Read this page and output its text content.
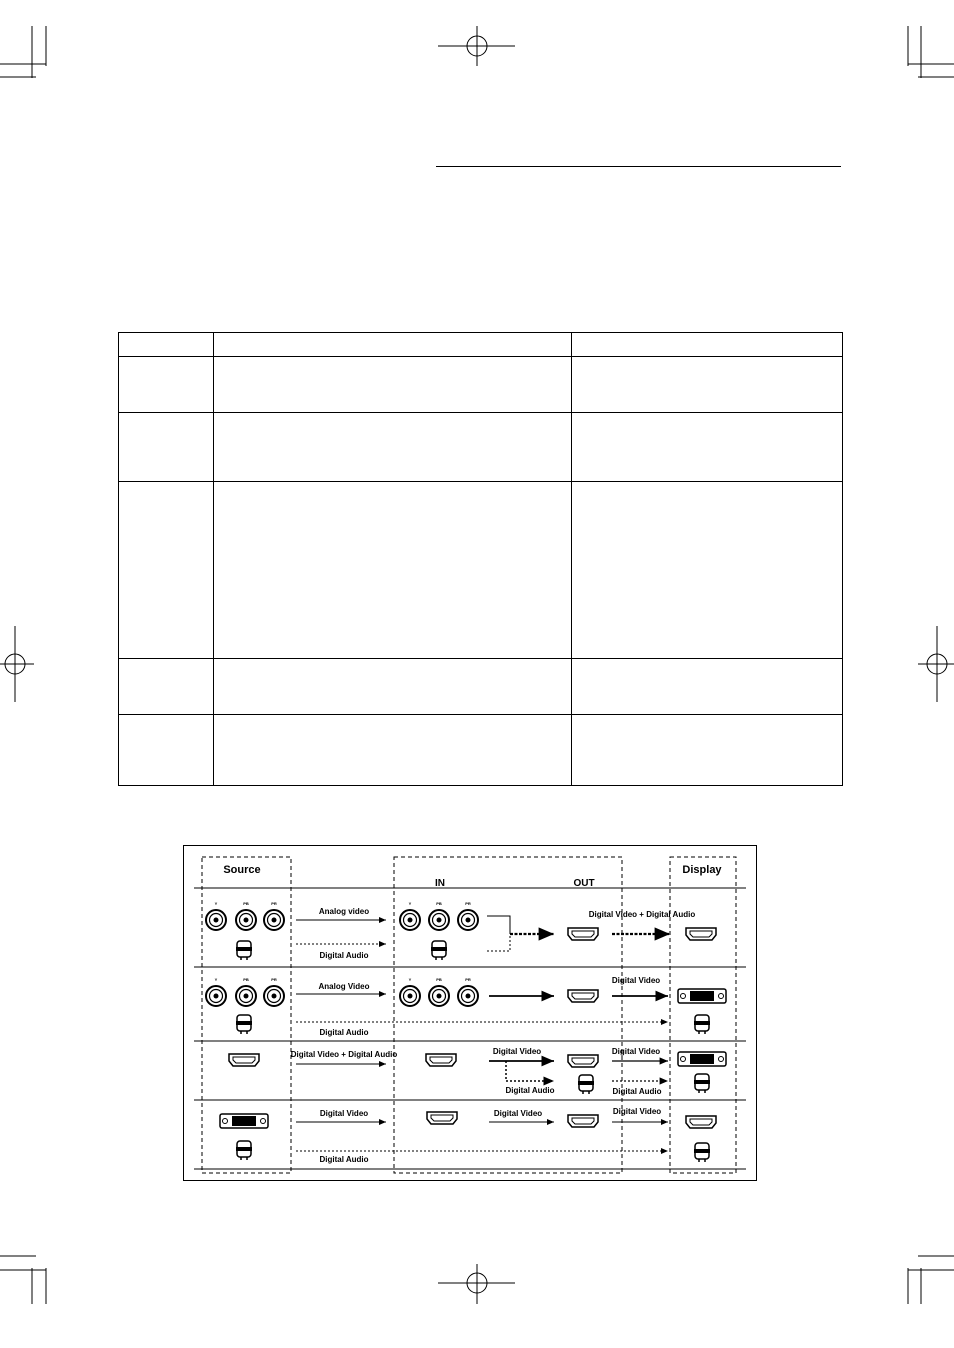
Source
IN	OUT
Display
Y	PB	PR
Analog video
Digital Audio
Y	PB	PR
Digital Video + Digital Audio
Y	PB	PR
Analog Video
Digital Audio
Y	PB	PR	Digital Video
Digital Video + Digital Audio	Digital Video
Digital Audio
Digital Video
Digital Audio
Digital Video
Digital Audio
Digital Video	Digital Video
